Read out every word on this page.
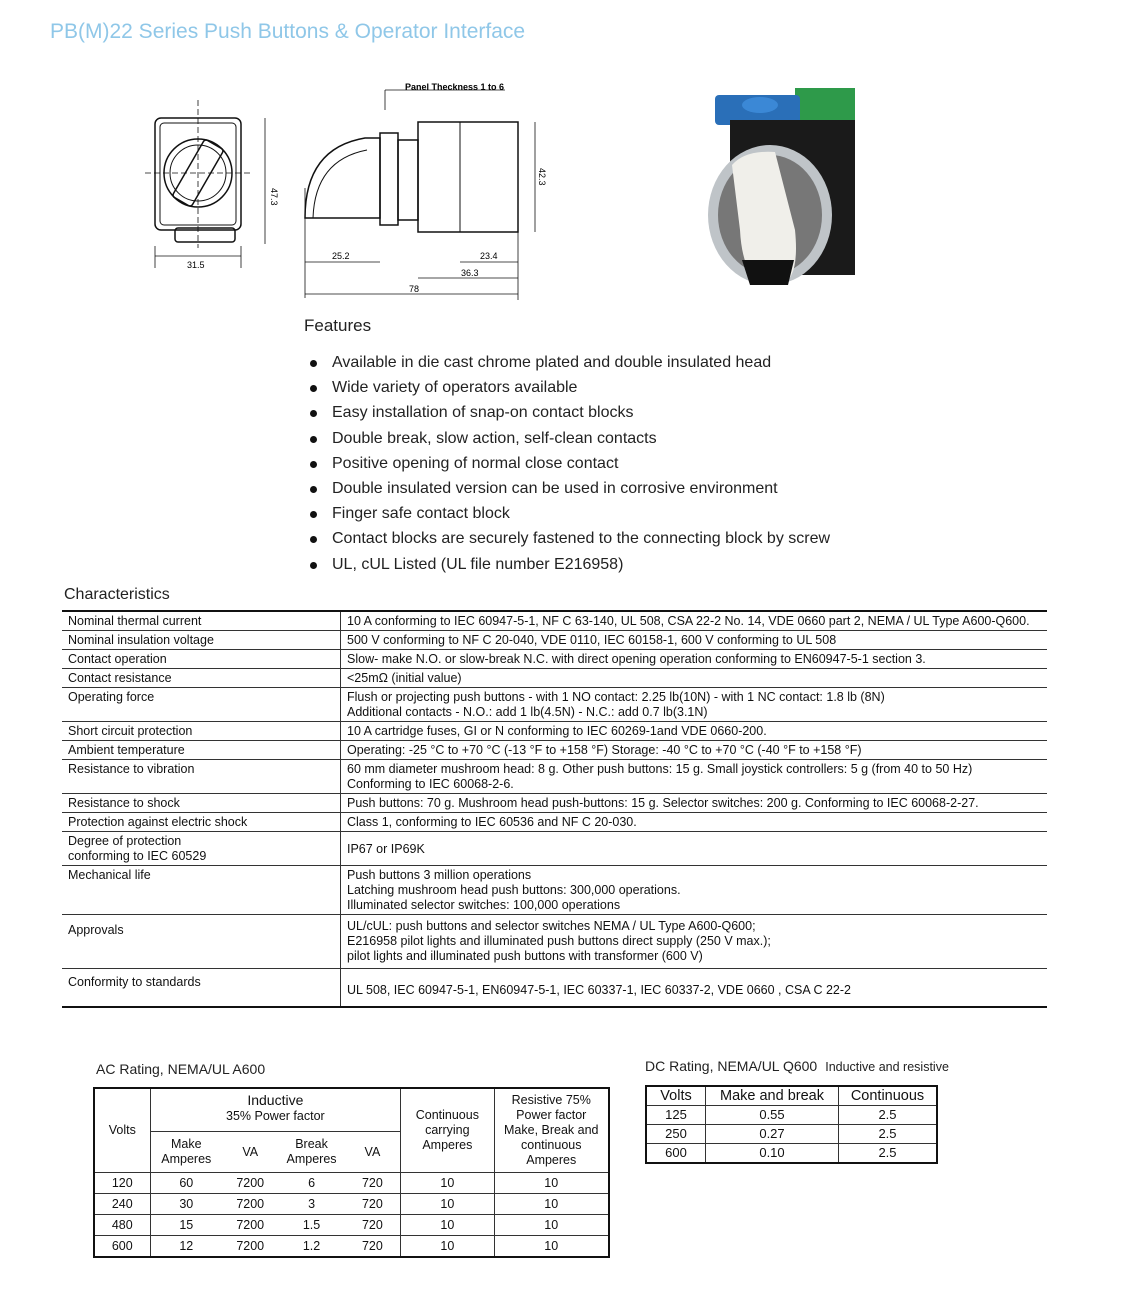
PB(M)22 Series Push Buttons & Operator Interface
47.3
31.5
Panel Theckness 1 to 6
42.3
25.2	23.4
36.3
78
Features
Available in die cast chrome plated and double insulated head
Wide variety of operators available
Easy installation of snap-on contact blocks
Double break, slow action, self-clean contacts
Positive opening of normal close contact
Double insulated version can be used in corrosive environment
Finger safe contact block
Contact blocks are securely fastened to the connecting block by screw
UL, cUL Listed (UL file number E216958)
Characteristics
Nominal thermal current	10 A conforming to IEC 60947-5-1, NF C 63-140, UL 508, CSA 22-2 No. 14, VDE 0660 part 2, NEMA / UL Type A600-Q600.
Nominal insulation voltage	500 V conforming to NF C 20-040, VDE 0110, IEC 60158-1, 600 V conforming to UL 508
Contact operation	Slow- make N.O. or slow-break N.C. with direct opening operation conforming to EN60947-5-1 section 3.
Contact resistance	<25mΩ (initial value)
Operating force	Flush or projecting push buttons - with 1 NO contact: 2.25 lb(10N) - with 1 NC contact: 1.8 lb (8N)
Additional contacts - N.O.: add 1 lb(4.5N) - N.C.: add 0.7 lb(3.1N)
Short circuit protection	10 A cartridge fuses, GI or N conforming to IEC 60269-1and VDE 0660-200.
Ambient temperature	Operating: -25 °C to +70 °C (-13 °F to +158 °F) Storage: -40 °C to +70 °C (-40 °F to +158 °F)
Resistance to vibration	60 mm diameter mushroom head: 8 g. Other push buttons: 15 g. Small joystick controllers: 5 g (from 40 to 50 Hz)
Conforming to IEC 60068-2-6.
Resistance to shock	Push buttons: 70 g. Mushroom head push-buttons: 15 g. Selector switches: 200 g. Conforming to IEC 60068-2-27.
Protection against electric shock	Class 1, conforming to IEC 60536 and NF C 20-030.
Degree of protection
conforming to IEC 60529	IP67 or IP69K
Mechanical life	Push buttons 3 million operations
Latching mushroom head push buttons: 300,000 operations.
Illuminated selector switches: 100,000 operations
Approvals	UL/cUL: push buttons and selector switches NEMA / UL Type A600-Q600;
E216958 pilot lights and illuminated push buttons direct supply (250 V max.);
pilot lights and illuminated push buttons with transformer (600 V)
Conformity to standards	UL 508, IEC 60947-5-1, EN60947-5-1, IEC 60337-1, IEC 60337-2, VDE 0660 , CSA C 22-2
AC Rating, NEMA/UL A600
Volts	Inductive				Continuous carrying Amperes	Resistive 75% Power factor Make, Break and continuous Amperes
	35% Power factor					
	Make Amperes	VA	Break Amperes	VA		
120	60	7200	6	720	10	10
240	30	7200	3	720	10	10
480	15	7200	1.5	720	10	10
600	12	7200	1.2	720	10	10
DC Rating, NEMA/UL Q600 Inductive and resistive
Volts	Make and break	Continuous
125	0.55	2.5
250	0.27	2.5
600	0.10	2.5
